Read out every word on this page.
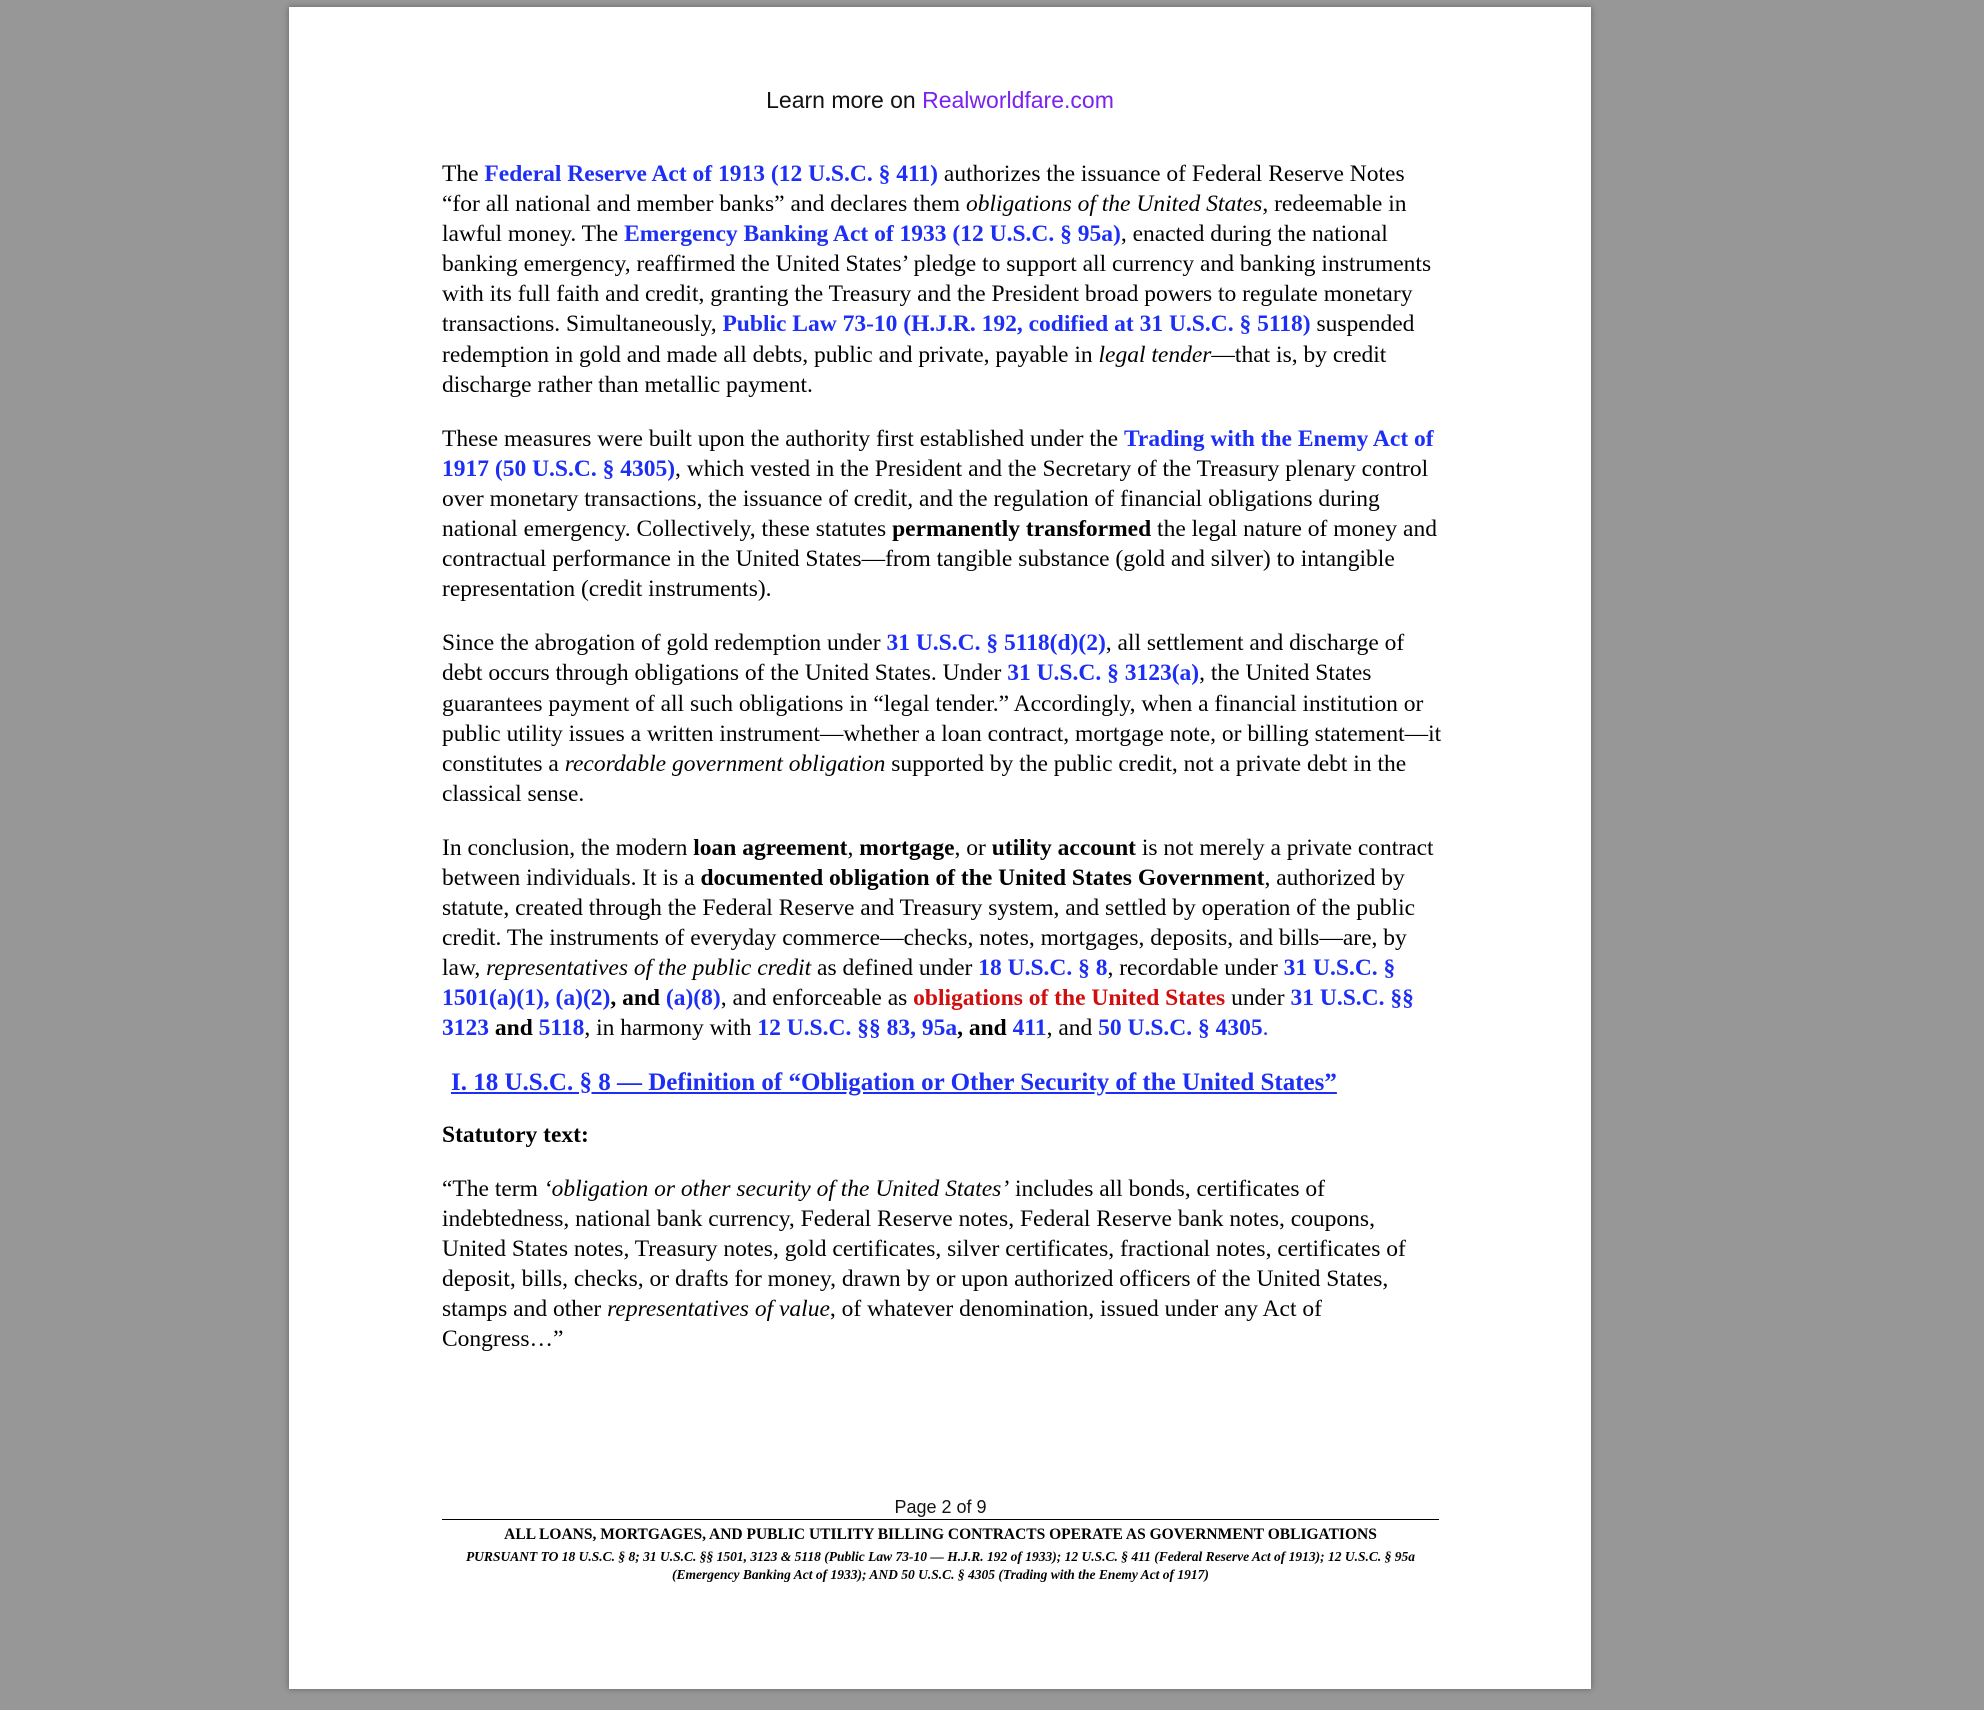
Learn more on Realworldfare.com

The Federal Reserve Act of 1913 (12 U.S.C. § 411) authorizes the issuance of Federal Reserve Notes “for all national and member banks” and declares them obligations of the United States, redeemable in lawful money. The Emergency Banking Act of 1933 (12 U.S.C. § 95a), enacted during the national banking emergency, reaffirmed the United States’ pledge to support all currency and banking instruments with its full faith and credit, granting the Treasury and the President broad powers to regulate monetary transactions. Simultaneously, Public Law 73-10 (H.J.R. 192, codified at 31 U.S.C. § 5118) suspended redemption in gold and made all debts, public and private, payable in legal tender—that is, by credit discharge rather than metallic payment.

These measures were built upon the authority first established under the Trading with the Enemy Act of 1917 (50 U.S.C. § 4305), which vested in the President and the Secretary of the Treasury plenary control over monetary transactions, the issuance of credit, and the regulation of financial obligations during national emergency. Collectively, these statutes permanently transformed the legal nature of money and contractual performance in the United States—from tangible substance (gold and silver) to intangible representation (credit instruments).

Since the abrogation of gold redemption under 31 U.S.C. § 5118(d)(2), all settlement and discharge of debt occurs through obligations of the United States. Under 31 U.S.C. § 3123(a), the United States guarantees payment of all such obligations in “legal tender.” Accordingly, when a financial institution or public utility issues a written instrument—whether a loan contract, mortgage note, or billing statement—it constitutes a recordable government obligation supported by the public credit, not a private debt in the classical sense.

In conclusion, the modern loan agreement, mortgage, or utility account is not merely a private contract between individuals. It is a documented obligation of the United States Government, authorized by statute, created through the Federal Reserve and Treasury system, and settled by operation of the public credit. The instruments of everyday commerce—checks, notes, mortgages, deposits, and bills—are, by law, representatives of the public credit as defined under 18 U.S.C. § 8, recordable under 31 U.S.C. § 1501(a)(1), (a)(2), and (a)(8), and enforceable as obligations of the United States under 31 U.S.C. §§ 3123 and 5118, in harmony with 12 U.S.C. §§ 83, 95a, and 411, and 50 U.S.C. § 4305.

I. 18 U.S.C. § 8 — Definition of “Obligation or Other Security of the United States”
Statutory text:

“The term ‘obligation or other security of the United States’ includes all bonds, certificates of indebtedness, national bank currency, Federal Reserve notes, Federal Reserve bank notes, coupons, United States notes, Treasury notes, gold certificates, silver certificates, fractional notes, certificates of deposit, bills, checks, or drafts for money, drawn by or upon authorized officers of the United States, stamps and other representatives of value, of whatever denomination, issued under any Act of Congress…”

Page 2 of 9
ALL LOANS, MORTGAGES, AND PUBLIC UTILITY BILLING CONTRACTS OPERATE AS GOVERNMENT OBLIGATIONS
PURSUANT TO 18 U.S.C. § 8; 31 U.S.C. §§ 1501, 3123 & 5118 (Public Law 73-10 — H.J.R. 192 of 1933); 12 U.S.C. § 411 (Federal Reserve Act of 1913); 12 U.S.C. § 95a (Emergency Banking Act of 1933); AND 50 U.S.C. § 4305 (Trading with the Enemy Act of 1917)
